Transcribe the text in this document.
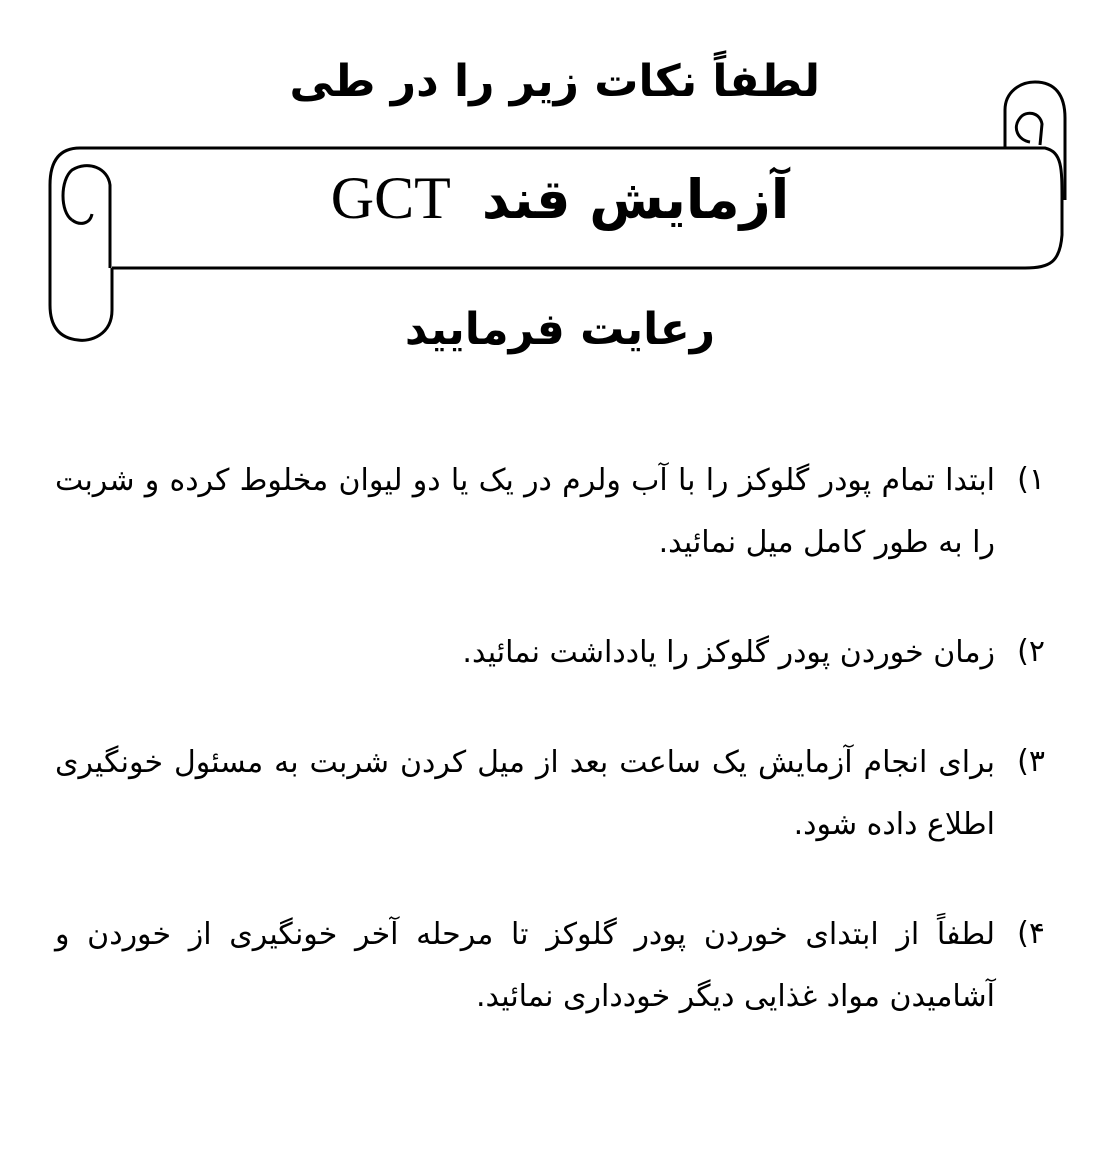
لطفاً نکات زیر را در طی
آزمایش قند GCT
رعایت فرمایید
۱)
ابتدا تمام پودر گلوکز را با آب ولرم در یک یا دو لیوان مخلوط کرده و شربت را به طور کامل میل نمائید.
۲)
زمان خوردن پودر گلوکز را یادداشت نمائید.
۳)
برای انجام آزمایش یک ساعت بعد از میل کردن شربت به مسئول خونگیری اطلاع داده شود.
۴)
لطفاً از ابتدای خوردن پودر گلوکز تا مرحله آخر خونگیری از خوردن و آشامیدن مواد غذایی دیگر خودداری نمائید.
